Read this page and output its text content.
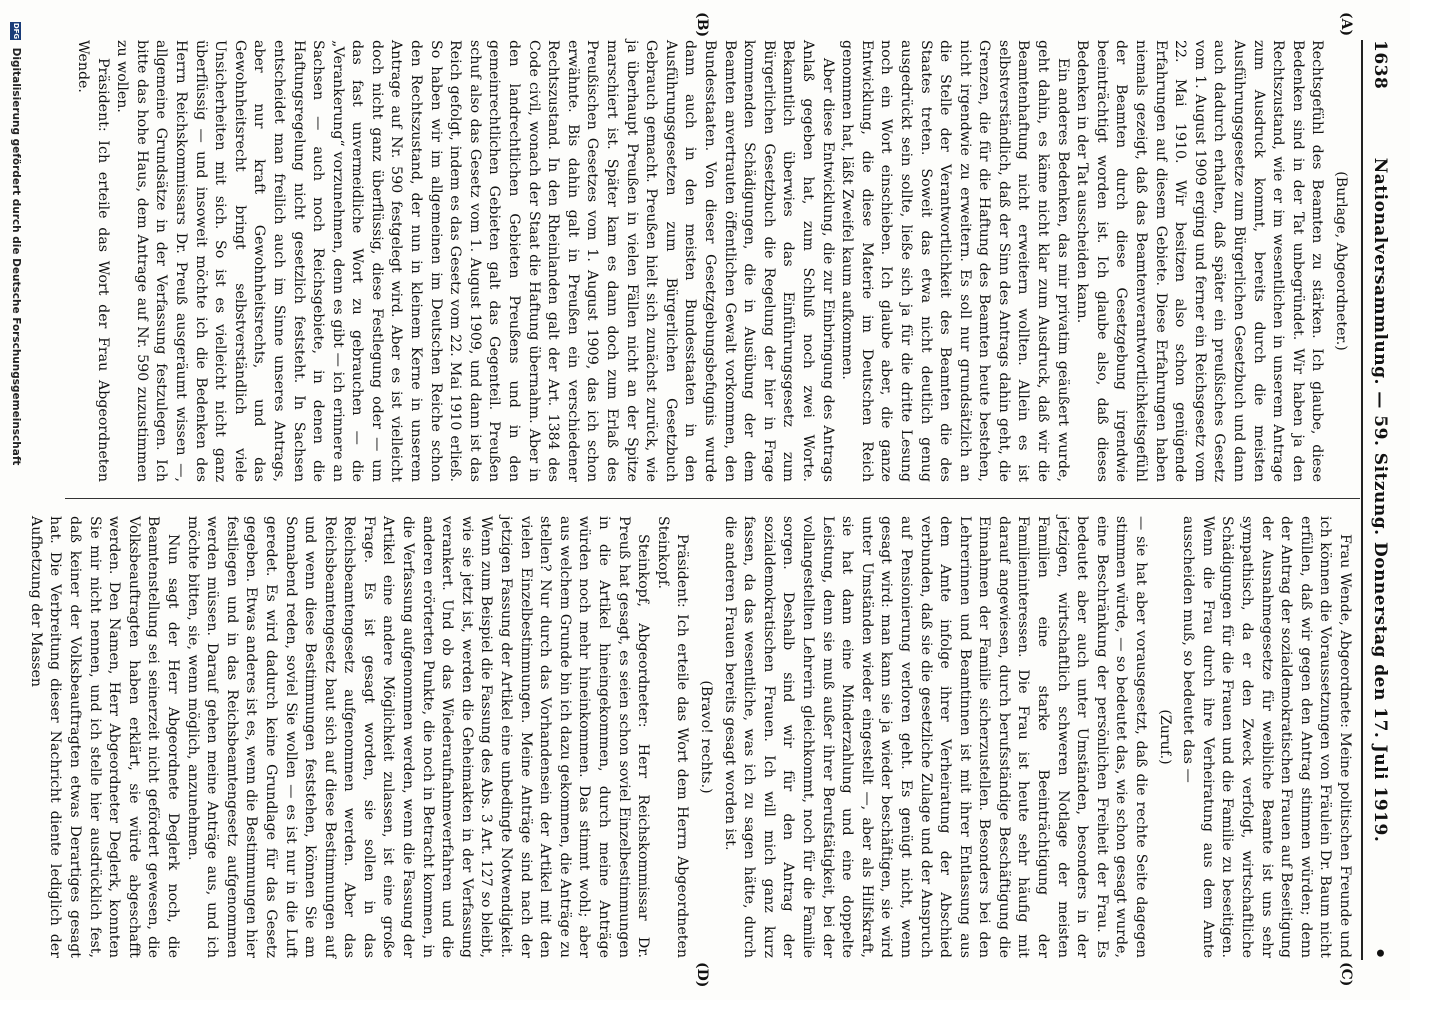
1638
Nationalversammlung. — 59. Sitzung. Donnerstag den 17. Juli 1919.
•
(A)
(B)
(C)
(D)

(Burlage, Abgeordneter.)

Rechtsgefühl des Beamten zu stärken. Ich glaube, diese Bedenken sind in der Tat unbegründet. Wir haben ja den Rechtszustand, wie er im wesentlichen in unserem Antrage zum Ausdruck kommt, bereits durch die meisten Ausführungsgesetze zum Bürgerlichen Gesetzbuch und dann auch dadurch erhalten, daß später ein preußisches Gesetz vom 1. August 1909 erging und ferner ein Reichsgesetz vom 22. Mai 1910. Wir besitzen also schon genügende Erfahrungen auf diesem Gebiete. Diese Erfahrungen haben niemals gezeigt, daß das Beamtenverantwortlichkeitsgefühl der Beamten durch diese Gesetzgebung irgendwie beeinträchtigt worden ist. Ich glaube also, daß dieses Bedenken in der Tat ausscheiden kann.

Ein anderes Bedenken, das mir privatim geäußert wurde, geht dahin, es käme nicht klar zum Ausdruck, daß wir die Beamtenhaftung nicht erweitern wollten. Allein es ist selbstverständlich, daß der Sinn des Antrags dahin geht, die Grenzen, die für die Haftung des Beamten heute bestehen, nicht irgendwie zu erweitern. Es soll nur grundsätzlich an die Stelle der Verantwortlichkeit des Beamten die des Staates treten. Soweit das etwa nicht deutlich genug ausgedrückt sein sollte, ließe sich ja für die dritte Lesung noch ein Wort einschieben. Ich glaube aber, die ganze Entwicklung, die diese Materie im Deutschen Reich genommen hat, läßt Zweifel kaum aufkommen.

Aber diese Entwicklung, die zur Einbringung des Antrags Anlaß gegeben hat, zum Schluß noch zwei Worte. Bekanntlich überwies das Einführungsgesetz zum Bürgerlichen Gesetzbuch die Regelung der hier in Frage kommenden Schädigungen, die in Ausübung der dem Beamten anvertrauten öffentlichen Gewalt vorkommen, den Bundesstaaten. Von dieser Gesetzgebungsbefugnis wurde dann auch in den meisten Bundesstaaten in den Ausführungsgesetzen zum Bürgerlichen Gesetzbuch Gebrauch gemacht. Preußen hielt sich zunächst zurück, wie ja überhaupt Preußen in vielen Fällen nicht an der Spitze marschiert ist. Später kam es dann doch zum Erlaß des Preußischen Gesetzes vom 1. August 1909, das ich schon erwähnte. Bis dahin galt in Preußen ein verschiedener Rechtszustand. In den Rheinlanden galt der Art. 1384 des Code civil, wonach der Staat die Haftung übernahm. Aber in den landrechtlichen Gebieten Preußens und in den gemeinrechtlichen Gebieten galt das Gegenteil. Preußen schuf also das Gesetz vom 1. August 1909, und dann ist das Reich gefolgt, indem es das Gesetz vom 22. Mai 1910 erließ. So haben wir im allgemeinen im Deutschen Reiche schon den Rechtszustand, der nun in kleinem Kerne in unserem Antrage auf Nr. 590 festgelegt wird. Aber es ist vielleicht doch nicht ganz überflüssig, diese Festlegung oder — um das fast unvermeidliche Wort zu gebrauchen — die „Verankerung“ vorzunehmen, denn es gibt — ich erinnere an Sachsen — auch noch Reichsgebiete, in denen die Haftungsregelung nicht gesetzlich feststeht. In Sachsen entscheidet man freilich auch im Sinne unseres Antrags, aber nur kraft Gewohnheitsrechts, und das Gewohnheitsrecht bringt selbstverständlich viele Unsicherheiten mit sich. So ist es vielleicht nicht ganz überflüssig — und insoweit möchte ich die Bedenken des Herrn Reichskommissars Dr. Preuß ausgeräumt wissen —, allgemeine Grundsätze in der Verfassung festzulegen. Ich bitte das hohe Haus, dem Antrage auf Nr. 590 zuzustimmen zu wollen.

Präsident: Ich erteile das Wort der Frau Abgeordneten Wende.

Frau Wende, Abgeordnete: Meine politischen Freunde und ich können die Voraussetzungen von Fräulein Dr. Baum nicht erfüllen, daß wir gegen den Antrag stimmen würden; denn der Antrag der sozialdemokratischen Frauen auf Beseitigung der Ausnahmegesetze für weibliche Beamte ist uns sehr sympathisch, da er den Zweck verfolgt, wirtschaftliche Schädigungen für die Frauen und die Familie zu beseitigen. Wenn die Frau durch ihre Verheiratung aus dem Amte ausscheiden muß, so bedeutet das —

(Zuruf.)

— sie hat aber vorausgesetzt, daß die rechte Seite dagegen stimmen würde, — so bedeutet das, wie schon gesagt wurde, eine Beschränkung der persönlichen Freiheit der Frau. Es bedeutet aber auch unter Umständen, besonders in der jetzigen, wirtschaftlich schweren Notlage der meisten Familien eine starke Beeinträchtigung der Familieninteressen. Die Frau ist heute sehr häufig mit darauf angewiesen, durch berufsständige Beschäftigung die Einnahmen der Familie sicherzustellen. Besonders bei den Lehrerinnen und Beamtinnen ist mit ihrer Entlassung aus dem Amte infolge ihrer Verheiratung der Abschied verbunden, daß sie die gesetzliche Zulage und der Anspruch auf Pensionierung verloren geht. Es genügt nicht, wenn gesagt wird: man kann sie ja wieder beschäftigen, sie wird unter Umständen wieder eingestellt —, aber als Hilfskraft, sie hat dann eine Minderzahlung und eine doppelte Leistung, denn sie muß außer ihrer Berufstätigkeit, bei der vollangestellten Lehrerin gleichkommt, noch für die Familie sorgen. Deshalb sind wir für den Antrag der sozialdemokratischen Frauen. Ich will mich ganz kurz fassen, da das wesentliche, was ich zu sagen hätte, durch die anderen Frauen bereits gesagt worden ist.

(Bravo! rechts.)

Präsident: Ich erteile das Wort dem Herrn Abgeordneten Steinkopf.

Steinkopf, Abgeordneter: Herr Reichskommissar Dr. Preuß hat gesagt, es seien schon soviel Einzelbestimmungen in die Artikel hineingekommen, durch meine Anträge würden noch mehr hineinkommen. Das stimmt wohl; aber aus welchem Grunde bin ich dazu gekommen, die Anträge zu stellen? Nur durch das Vorhandensein der Artikel mit den vielen Einzelbestimmungen. Meine Anträge sind nach der jetzigen Fassung der Artikel eine unbedingte Notwendigkeit. Wenn zum Beispiel die Fassung des Abs. 3 Art. 127 so bleibt, wie sie jetzt ist, werden die Geheimakten in der Verfassung verankert. Und ob das Wiederaufnahmeverfahren und die anderen erörterten Punkte, die noch in Betracht kommen, in die Verfassung aufgenommen werden, wenn die Fassung der Artikel eine andere Möglichkeit zulassen, ist eine große Frage. Es ist gesagt worden, sie sollen in das Reichsbeamtengesetz aufgenommen werden. Aber das Reichsbeamtengesetz baut sich auf diese Bestimmungen auf und wenn diese Bestimmungen feststehen, können Sie am Sonnabend reden, soviel Sie wollen — es ist nur in die Luft geredet. Es wird dadurch keine Grundlage für das Gesetz gegeben. Etwas anderes ist es, wenn die Bestimmungen hier festliegen und in das Reichsbeamtengesetz aufgenommen werden müssen. Darauf gehen meine Anträge aus, und ich möchte bitten, sie, wenn möglich, anzunehmen.

Nun sagt der Herr Abgeordnete Deglerk noch, die Beamtenstellung sei seinerzeit nicht gefördert gewesen, die Volksbeauftragten haben erklärt, sie würde abgeschafft werden. Den Namen, Herr Abgeordneter Deglerk, konnten Sie mir nicht nennen, und ich stelle hier ausdrücklich fest, daß keiner der Volksbeauftragten etwas Derartiges gesagt hat. Die Verbreitung dieser Nachricht diente lediglich der Aufhetzung der Massen

DFG Digitalisierung gefördert durch die Deutsche Forschungsgemeinschaft
